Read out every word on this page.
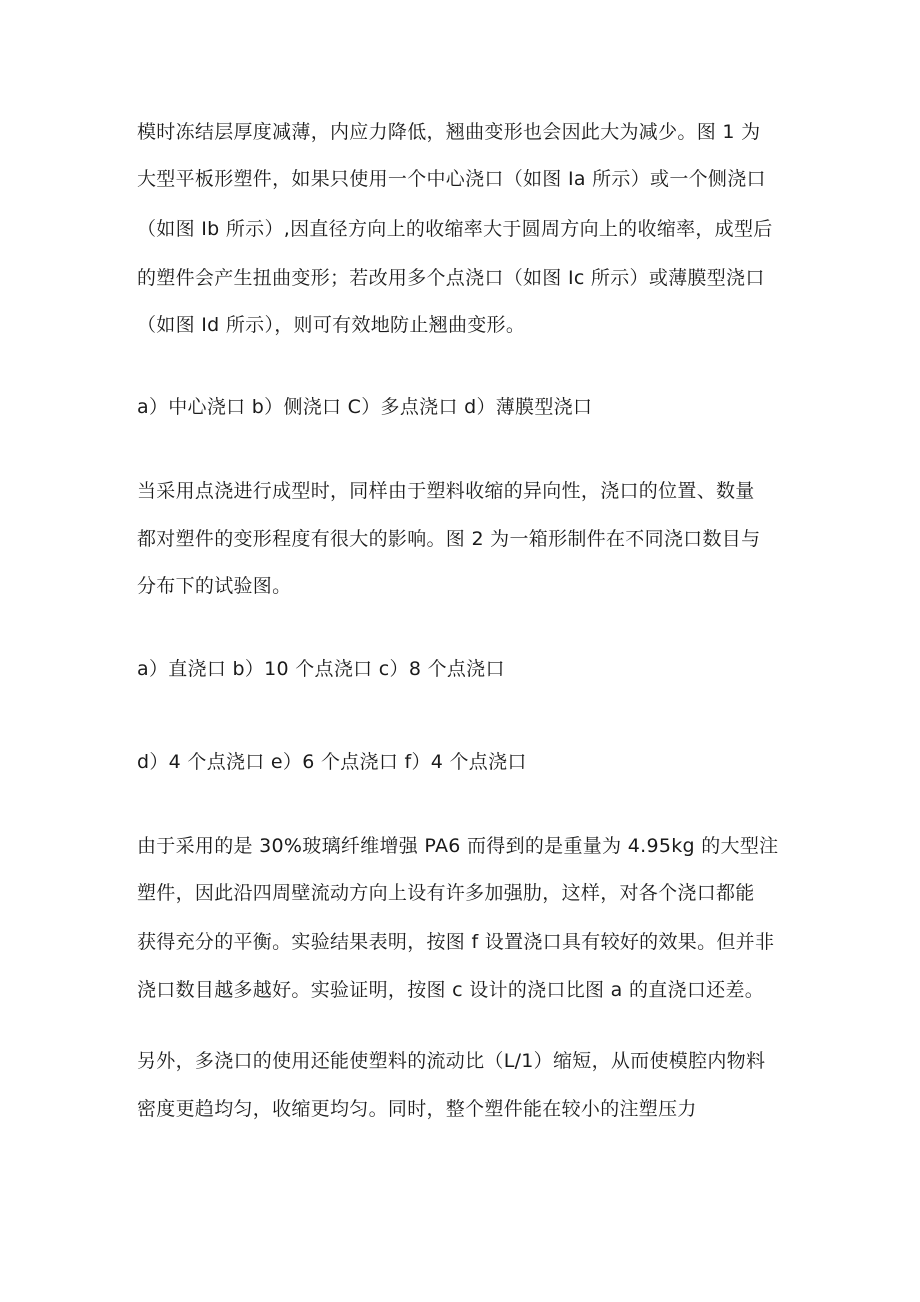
模时冻结层厚度减薄，内应力降低，翘曲变形也会因此大为减少。图 1 为
大型平板形塑件，如果只使用一个中心浇口（如图 Ia 所示）或一个侧浇口
（如图 Ib 所示）,因直径方向上的收缩率大于圆周方向上的收缩率，成型后
的塑件会产生扭曲变形；若改用多个点浇口（如图 Ic 所示）或薄膜型浇口
（如图 Id 所示），则可有效地防止翘曲变形。
a）中心浇口 b）侧浇口 C）多点浇口 d）薄膜型浇口
当采用点浇进行成型时，同样由于塑料收缩的异向性，浇口的位置、数量
都对塑件的变形程度有很大的影响。图 2 为一箱形制件在不同浇口数目与
分布下的试验图。
a）直浇口 b）10 个点浇口 c）8 个点浇口
d）4 个点浇口 e）6 个点浇口 f）4 个点浇口
由于采用的是 30%玻璃纤维增强 PA6 而得到的是重量为 4.95kg 的大型注
塑件，因此沿四周壁流动方向上设有许多加强肋，这样，对各个浇口都能
获得充分的平衡。实验结果表明，按图 f 设置浇口具有较好的效果。但并非
浇口数目越多越好。实验证明，按图 c 设计的浇口比图 a 的直浇口还差。
另外，多浇口的使用还能使塑料的流动比（L/1）缩短，从而使模腔内物料
密度更趋均匀，收缩更均匀。同时，整个塑件能在较小的注塑压力
